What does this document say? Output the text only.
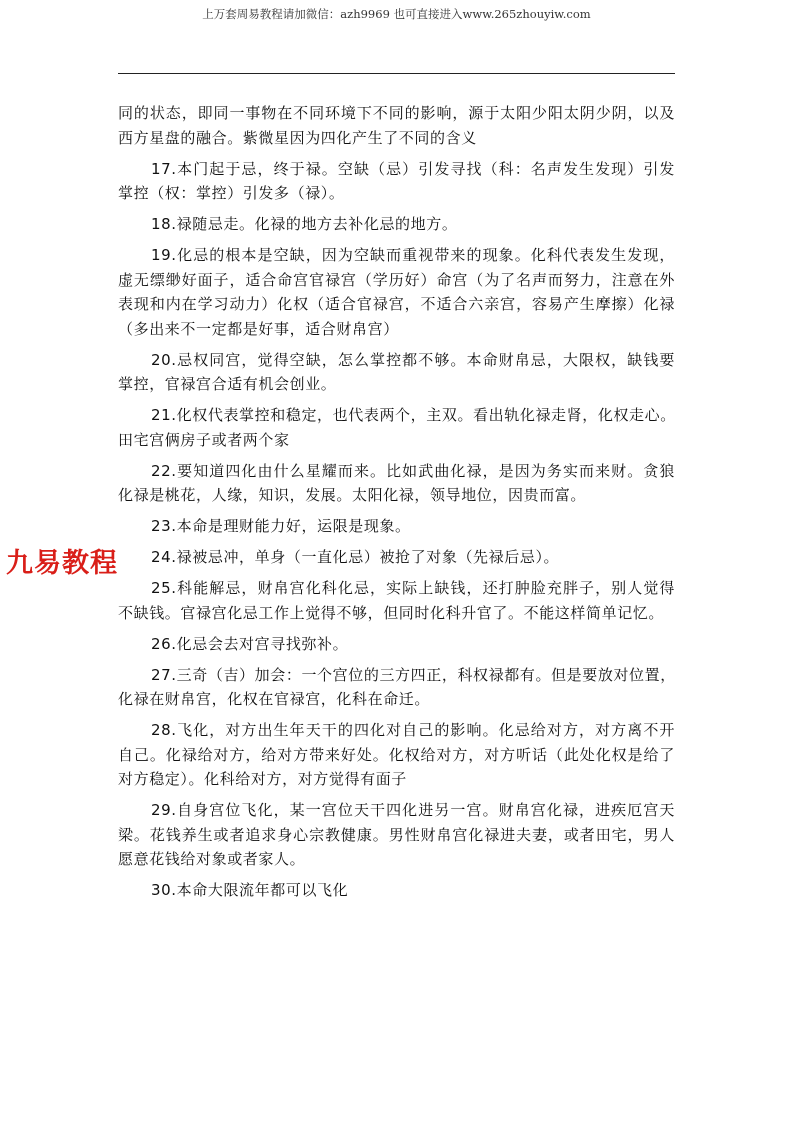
上万套周易教程请加微信：azh9969 也可直接进入www.265zhouyiw.com
同的状态，即同一事物在不同环境下不同的影响，源于太阳少阳太阴少阴，以及
西方星盘的融合。紫微星因为四化产生了不同的含义
17.本门起于忌，终于禄。空缺（忌）引发寻找（科：名声发生发现）引发
掌控（权：掌控）引发多（禄）。
18.禄随忌走。化禄的地方去补化忌的地方。
19.化忌的根本是空缺，因为空缺而重视带来的现象。化科代表发生发现，
虚无缥缈好面子，适合命宫官禄宫（学历好）命宫（为了名声而努力，注意在外
表现和内在学习动力）化权（适合官禄宫，不适合六亲宫，容易产生摩擦）化禄
（多出来不一定都是好事，适合财帛宫）
20.忌权同宫，觉得空缺，怎么掌控都不够。本命财帛忌，大限权，缺钱要
掌控，官禄宫合适有机会创业。
21.化权代表掌控和稳定，也代表两个，主双。看出轨化禄走肾，化权走心。
田宅宫俩房子或者两个家
22.要知道四化由什么星耀而来。比如武曲化禄，是因为务实而来财。贪狼
化禄是桃花，人缘，知识，发展。太阳化禄，领导地位，因贵而富。
23.本命是理财能力好，运限是现象。
24.禄被忌冲，单身（一直化忌）被抢了对象（先禄后忌）。
25.科能解忌，财帛宫化科化忌，实际上缺钱，还打肿脸充胖子，别人觉得
不缺钱。官禄宫化忌工作上觉得不够，但同时化科升官了。不能这样简单记忆。
26.化忌会去对宫寻找弥补。
27.三奇（吉）加会：一个宫位的三方四正，科权禄都有。但是要放对位置，
化禄在财帛宫，化权在官禄宫，化科在命迁。
28.飞化，对方出生年天干的四化对自己的影响。化忌给对方，对方离不开
自己。化禄给对方，给对方带来好处。化权给对方，对方听话（此处化权是给了
对方稳定）。化科给对方，对方觉得有面子
29.自身宫位飞化，某一宫位天干四化进另一宫。财帛宫化禄，进疾厄宫天
梁。花钱养生或者追求身心宗教健康。男性财帛宫化禄进夫妻，或者田宅，男人
愿意花钱给对象或者家人。
30.本命大限流年都可以飞化
九易教程
